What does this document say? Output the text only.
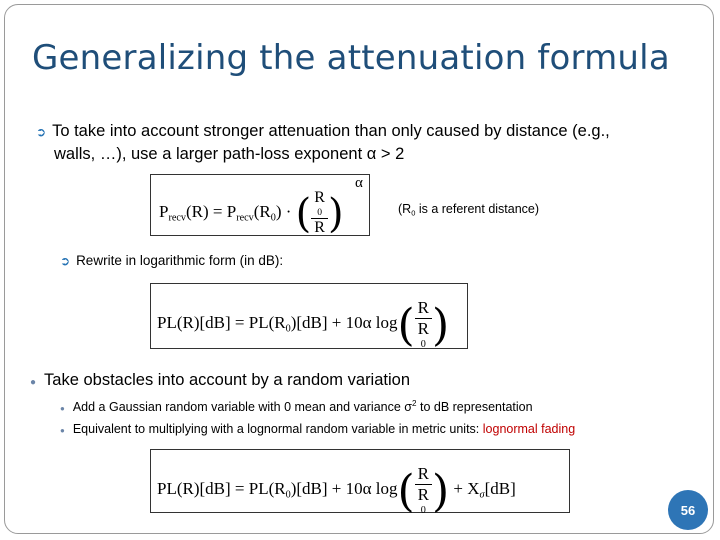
Generalizing the attenuation formula
➲ To take into account stronger attenuation than only caused by distance (e.g.,
walls, …), use a larger path-loss exponent α > 2
$P_{recv}(R) = P_{recv}(R_0)$ · ( R
0
R )
α
($R_0$ is a referent distance)
➲ Rewrite in logarithmic form (in dB):
$PL(R)[dB] = PL(R_0)[dB] + 10\alpha$ log( R
R
0 )
● Take obstacles into account by a random variation
● Add a Gaussian random variable with 0 mean and variance $\sigma^2$ to dB representation
● Equivalent to multiplying with a lognormal random variable in metric units: lognormal fading
$PL(R)[dB] = PL(R_0)[dB] + 10\alpha$ log( R
R
0 ) + $X_\sigma[dB]$
56
